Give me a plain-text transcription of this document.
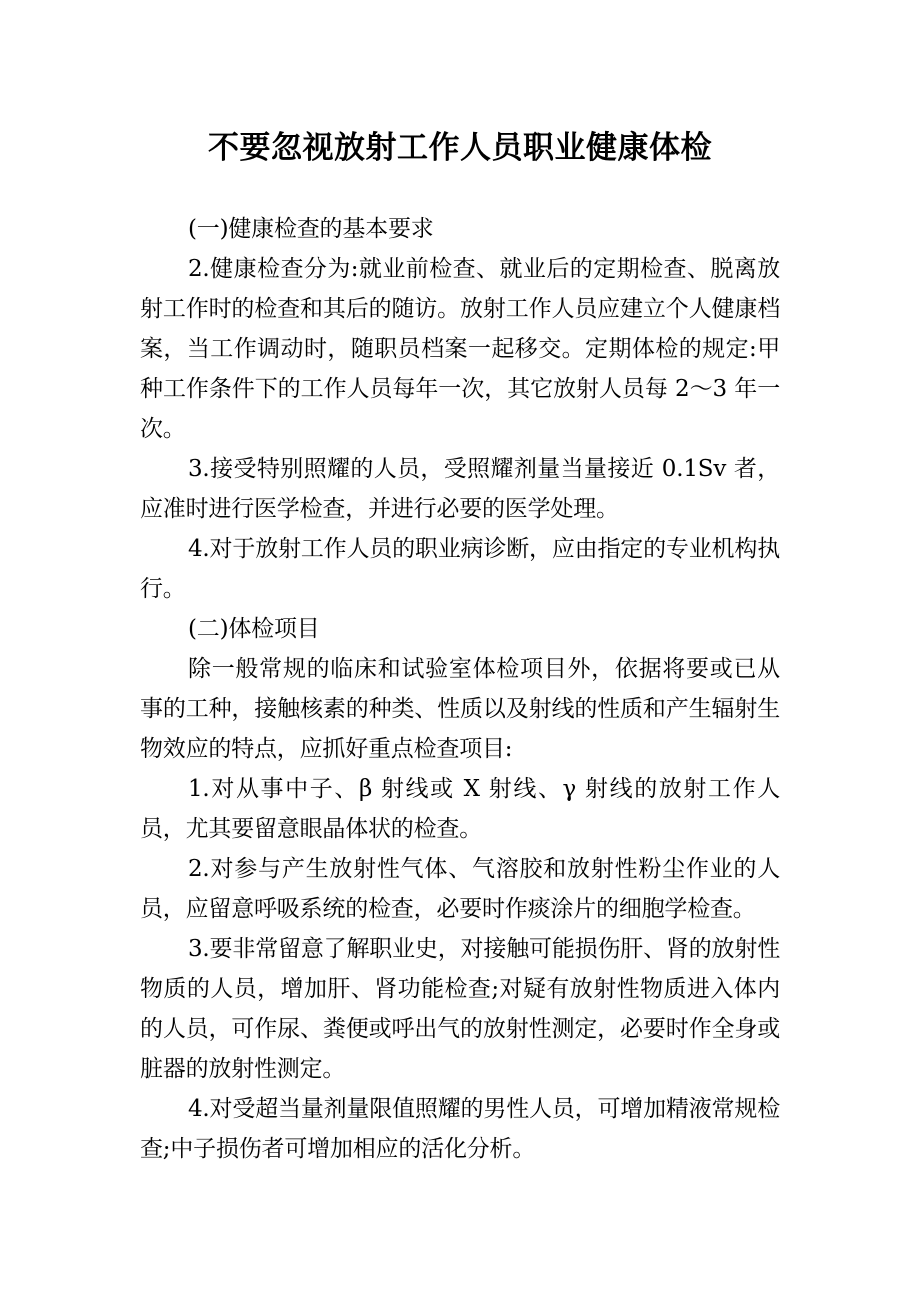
不要忽视放射工作人员职业健康体检

(一)健康检查的基本要求

2.健康检查分为:就业前检查、就业后的定期检查、脱离放射工作时的检查和其后的随访。放射工作人员应建立个人健康档案，当工作调动时，随职员档案一起移交。定期体检的规定:甲种工作条件下的工作人员每年一次，其它放射人员每 2～3 年一次。

3.接受特别照耀的人员，受照耀剂量当量接近 0.1Sv 者，应准时进行医学检查，并进行必要的医学处理。

4.对于放射工作人员的职业病诊断，应由指定的专业机构执行。

(二)体检项目

除一般常规的临床和试验室体检项目外，依据将要或已从事的工种，接触核素的种类、性质以及射线的性质和产生辐射生物效应的特点，应抓好重点检查项目:

1.对从事中子、β 射线或 X 射线、γ 射线的放射工作人员，尤其要留意眼晶体状的检查。

2.对参与产生放射性气体、气溶胶和放射性粉尘作业的人员，应留意呼吸系统的检查，必要时作痰涂片的细胞学检查。

3.要非常留意了解职业史，对接触可能损伤肝、肾的放射性物质的人员，增加肝、肾功能检查;对疑有放射性物质进入体内的人员，可作尿、粪便或呼出气的放射性测定，必要时作全身或脏器的放射性测定。

4.对受超当量剂量限值照耀的男性人员，可增加精液常规检查;中子损伤者可增加相应的活化分析。
